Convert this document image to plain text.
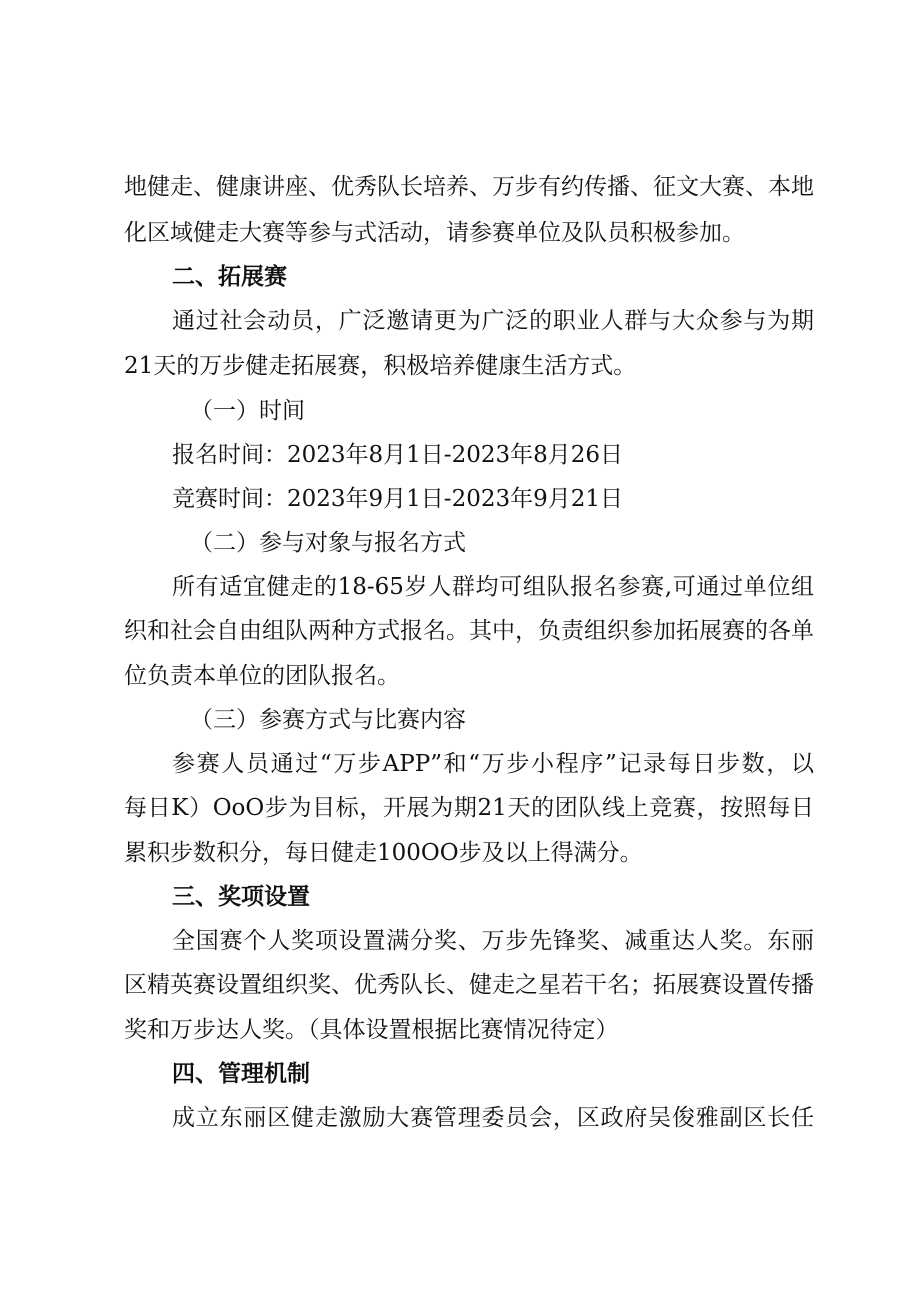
地健走、健康讲座、优秀队长培养、万步有约传播、征文大赛、本地
化区域健走大赛等参与式活动，请参赛单位及队员积极参加。
二、拓展赛
通过社会动员，广泛邀请更为广泛的职业人群与大众参与为期
21天的万步健走拓展赛，积极培养健康生活方式。
（一）时间
报名时间：2023年8月1日-2023年8月26日
竞赛时间：2023年9月1日-2023年9月21日
（二）参与对象与报名方式
所有适宜健走的18-65岁人群均可组队报名参赛,可通过单位组
织和社会自由组队两种方式报名。其中，负责组织参加拓展赛的各单
位负责本单位的团队报名。
（三）参赛方式与比赛内容
参赛人员通过“万步APP”和“万步小程序”记录每日步数，以
每日K）OoO步为目标，开展为期21天的团队线上竞赛，按照每日
累积步数积分，每日健走100OO步及以上得满分。
三、奖项设置
全国赛个人奖项设置满分奖、万步先锋奖、减重达人奖。东丽
区精英赛设置组织奖、优秀队长、健走之星若干名；拓展赛设置传播
奖和万步达人奖。（具体设置根据比赛情况待定）
四、管理机制
成立东丽区健走激励大赛管理委员会，区政府吴俊雅副区长任
